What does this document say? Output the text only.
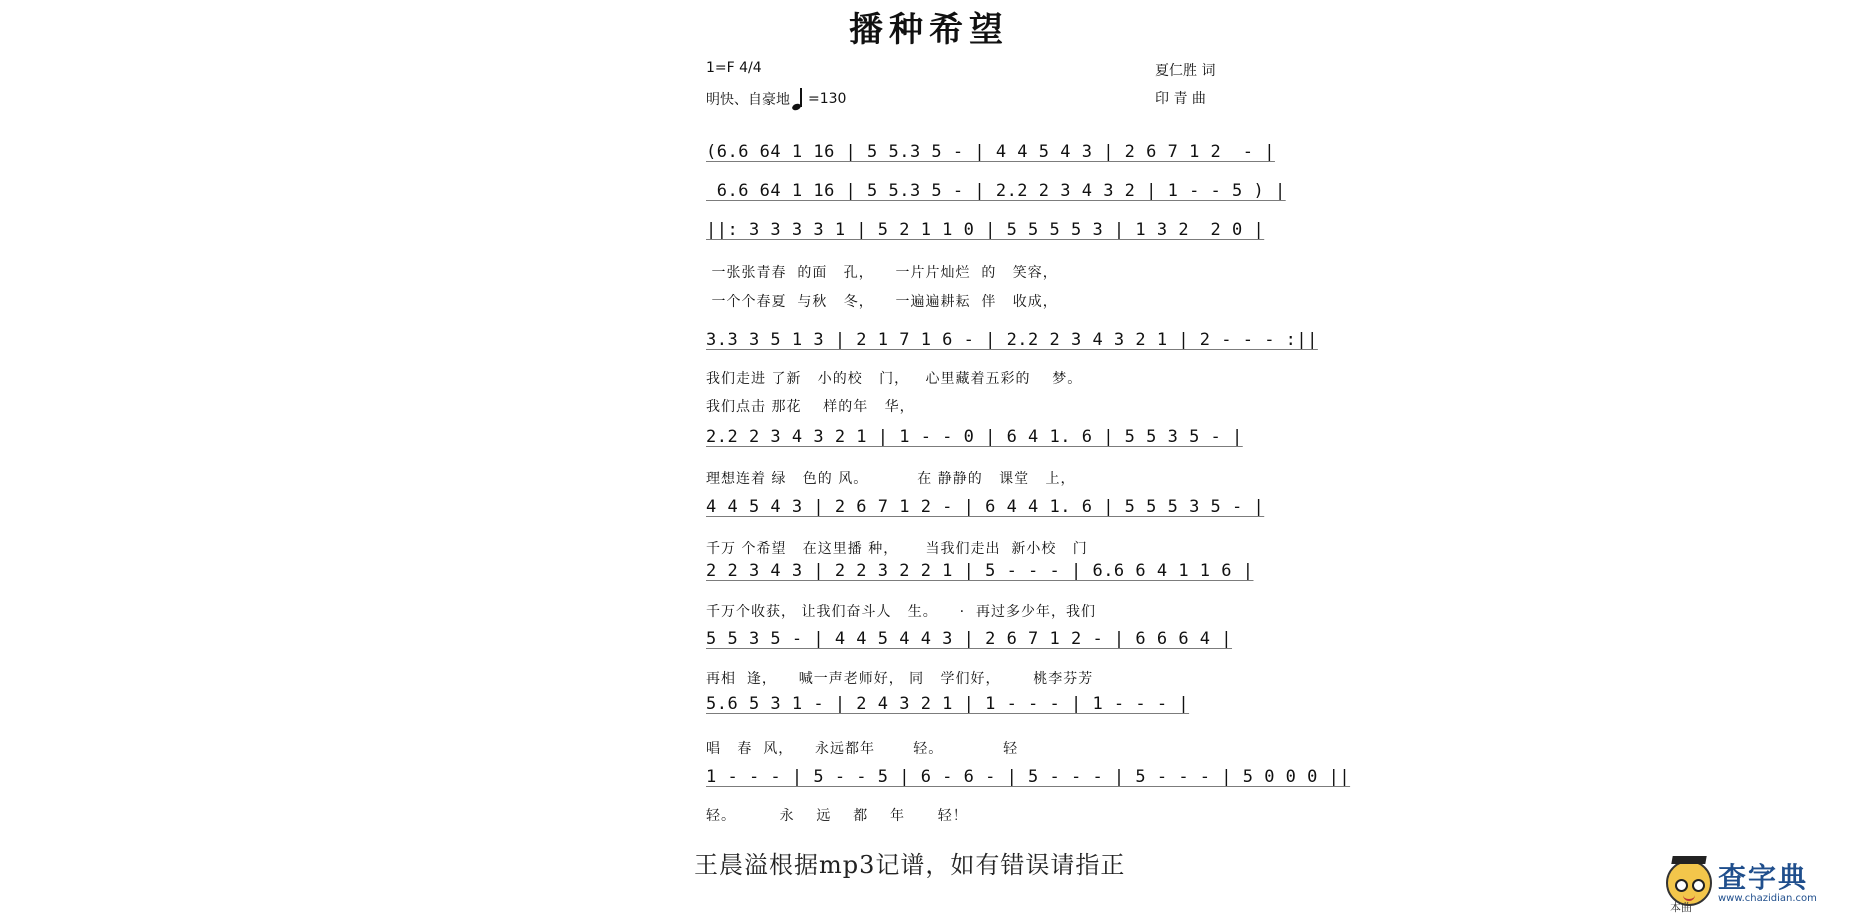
播种希望
1=F 4/4
明快、自豪地 =130
夏仁胜 词
印 青 曲
(6.6 64 1 16 | 5 5.3 5 - | 4 4 5 4 3 | 2 6 7 1 2  - |
6.6 64 1 16 | 5 5.3 5 - | 2.2 2 3 4 3 2 | 1 - - 5 ) |
||: 3 3 3 3 1 | 5 2 1 1 0 | 5 5 5 5 3 | 1 3 2  2 0 |
一张张青春  的面   孔，    一片片灿烂  的   笑容，
一个个春夏  与秋   冬，    一遍遍耕耘  伴   收成，
3.3 3 5 1 3 | 2 1 7 1 6 - | 2.2 2 3 4 3 2 1 | 2 - - - :||
我们走进 了新   小的校   门，   心里藏着五彩的    梦。
我们点击 那花    样的年   华，
2.2 2 3 4 3 2 1 | 1 - - 0 | 6 4 1. 6 | 5 5 3 5 - |
理想连着 绿   色的 风。         在 静静的   课堂   上，
4 4 5 4 3 | 2 6 7 1 2 - | 6 4 4 1. 6 | 5 5 5 3 5 - |
千万 个希望   在这里播 种，     当我们走出  新小校   门
2 2 3 4 3 | 2 2 3 2 2 1 | 5 - - - | 6.6 6 4 1 1 6 |
千万个收获， 让我们奋斗人   生。    ·  再过多少年，我们
5 5 3 5 - | 4 4 5 4 4 3 | 2 6 7 1 2 - | 6 6 6 4 |
再相  逢，    喊一声老师好， 同   学们好，      桃李芬芳
5.6 5 3 1 - | 2 4 3 2 1 | 1 - - - | 1 - - - |
唱   春  风，    永远都年       轻。           轻
1 - - - | 5 - - 5 | 6 - 6 - | 5 - - - | 5 - - - | 5 0 0 0 ||
轻。        永    远    都    年      轻！
王晨溢根据mp3记谱，如有错误请指正	查字典
www.chazidian.com
本曲
